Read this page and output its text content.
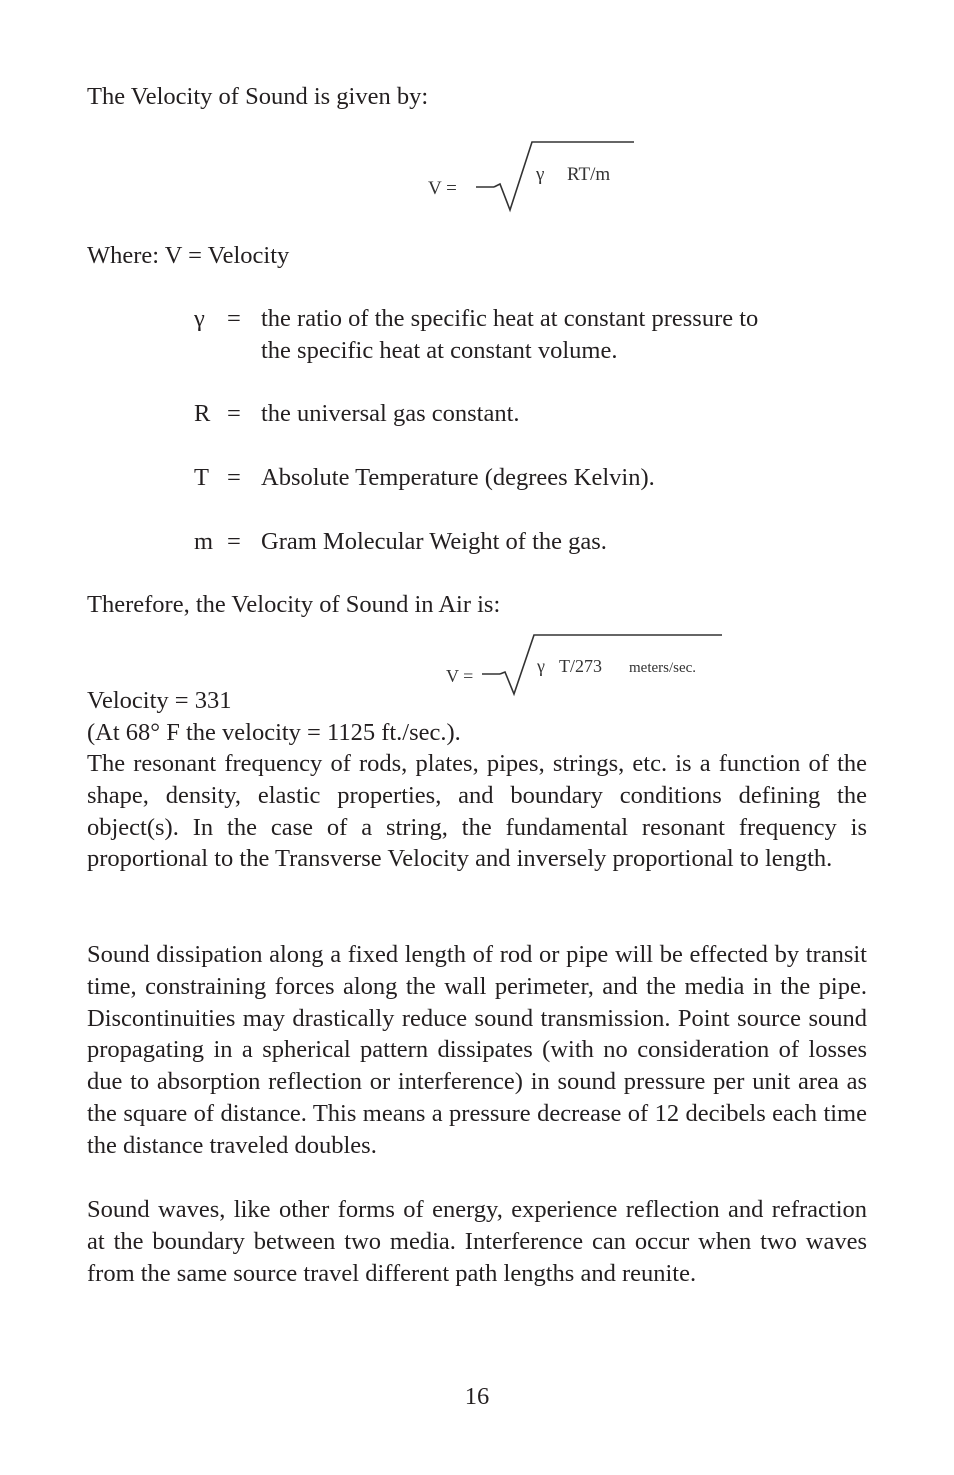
The Velocity of Sound is given by:
V =
γ RT/m
Where: V = Velocity
γ = the ratio of the specific heat at constant pressure to
the specific heat at constant volume.
R = the universal gas constant.
T = Absolute Temperature (degrees Kelvin).
m = Gram Molecular Weight of the gas.
Therefore, the Velocity of Sound in Air is:
V =	γ T/273 meters/sec.
Velocity = 331
(At 68° F the velocity = 1125 ft./sec.).
The resonant frequency of rods, plates, pipes, strings, etc. is a function of the shape, density, elastic properties, and boundary conditions defining the object(s). In the case of a string, the fundamental resonant frequency is proportional to the Transverse Velocity and inversely proportional to length.
Sound dissipation along a fixed length of rod or pipe will be effected by transit time, constraining forces along the wall perimeter, and the media in the pipe. Discontinuities may drastically reduce sound transmission. Point source sound propagating in a spherical pattern dissipates (with no consideration of losses due to absorption reflection or interference) in sound pressure per unit area as the square of distance. This means a pressure decrease of 12 decibels each time the distance traveled doubles.
Sound waves, like other forms of energy, experience reflection and refraction at the boundary between two media. Interference can occur when two waves from the same source travel different path lengths and reunite.
16
